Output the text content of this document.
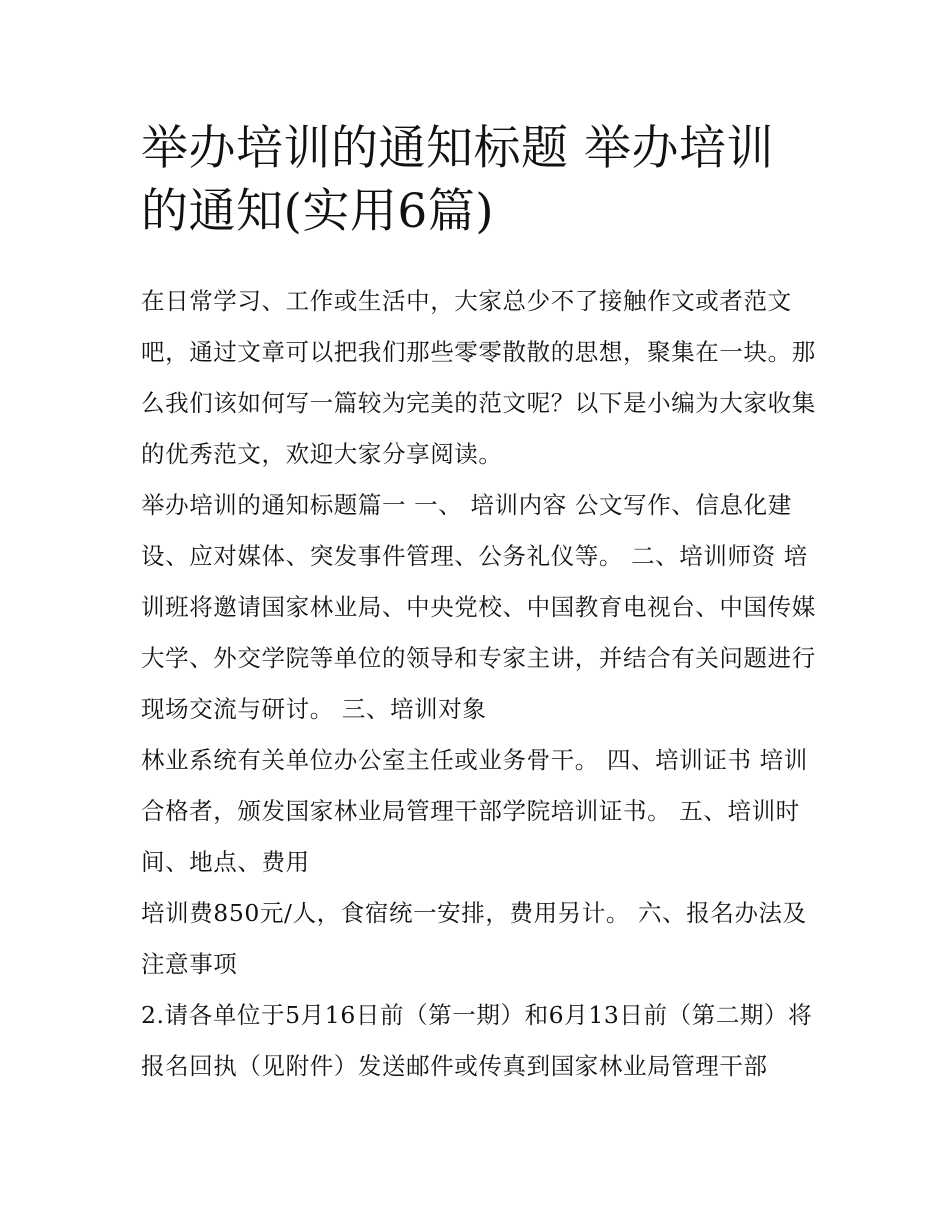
举办培训的通知标题 举办培训的通知(实用6篇)

在日常学习、工作或生活中，大家总少不了接触作文或者范文吧，通过文章可以把我们那些零零散散的思想，聚集在一块。那么我们该如何写一篇较为完美的范文呢？以下是小编为大家收集的优秀范文，欢迎大家分享阅读。

举办培训的通知标题篇一 一、 培训内容 公文写作、信息化建设、应对媒体、突发事件管理、公务礼仪等。 二、培训师资 培训班将邀请国家林业局、中央党校、中国教育电视台、中国传媒大学、外交学院等单位的领导和专家主讲，并结合有关问题进行现场交流与研讨。 三、培训对象

林业系统有关单位办公室主任或业务骨干。 四、培训证书 培训合格者，颁发国家林业局管理干部学院培训证书。 五、培训时间、地点、费用

培训费850元/人，食宿统一安排，费用另计。 六、报名办法及注意事项

2.请各单位于5月16日前（第一期）和6月13日前（第二期）将报名回执（见附件）发送邮件或传真到国家林业局管理干部
